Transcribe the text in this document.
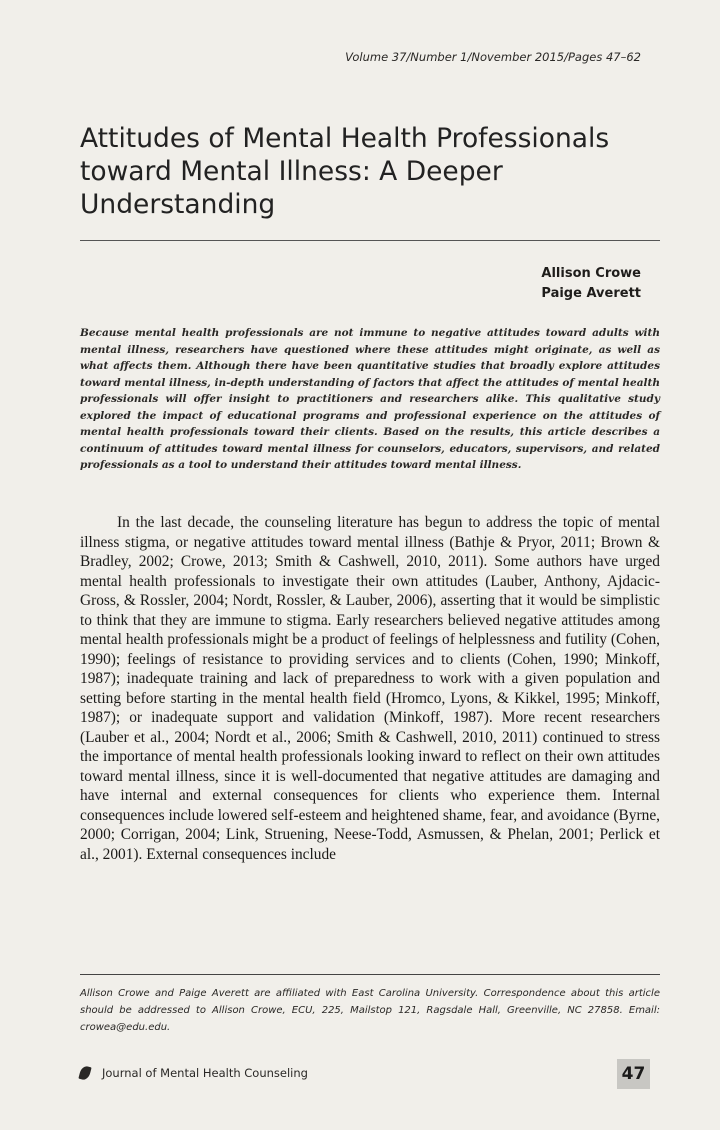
Volume 37/Number 1/November 2015/Pages 47–62
Attitudes of Mental Health Professionals toward Mental Illness: A Deeper Understanding
Allison Crowe
Paige Averett

Because mental health professionals are not immune to negative attitudes toward adults with mental illness, researchers have questioned where these attitudes might originate, as well as what affects them. Although there have been quantitative studies that broadly explore attitudes toward mental illness, in-depth understanding of factors that affect the attitudes of mental health professionals will offer insight to practitioners and researchers alike. This qualitative study explored the impact of educational programs and professional experience on the attitudes of mental health professionals toward their clients. Based on the results, this article describes a continuum of attitudes toward mental illness for counselors, educators, supervisors, and related professionals as a tool to understand their attitudes toward mental illness.

In the last decade, the counseling literature has begun to address the topic of mental illness stigma, or negative attitudes toward mental illness (Bathje & Pryor, 2011; Brown & Bradley, 2002; Crowe, 2013; Smith & Cashwell, 2010, 2011). Some authors have urged mental health professionals to investigate their own attitudes (Lauber, Anthony, Ajdacic-Gross, & Rossler, 2004; Nordt, Rossler, & Lauber, 2006), asserting that it would be simplistic to think that they are immune to stigma. Early researchers believed negative attitudes among mental health professionals might be a product of feelings of helplessness and futility (Cohen, 1990); feelings of resistance to providing services and to clients (Cohen, 1990; Minkoff, 1987); inadequate training and lack of preparedness to work with a given population and setting before starting in the mental health field (Hromco, Lyons, & Kikkel, 1995; Minkoff, 1987); or inadequate support and validation (Minkoff, 1987). More recent researchers (Lauber et al., 2004; Nordt et al., 2006; Smith & Cashwell, 2010, 2011) continued to stress the importance of mental health professionals looking inward to reflect on their own attitudes toward mental illness, since it is well-documented that negative attitudes are damaging and have internal and external consequences for clients who experience them. Internal consequences include lowered self-esteem and heightened shame, fear, and avoidance (Byrne, 2000; Corrigan, 2004; Link, Struening, Neese-Todd, Asmussen, & Phelan, 2001; Perlick et al., 2001). External consequences include

Allison Crowe and Paige Averett are affiliated with East Carolina University. Correspondence about this article should be addressed to Allison Crowe, ECU, 225, Mailstop 121, Ragsdale Hall, Greenville, NC 27858. Email: crowea@edu.edu.

Journal of Mental Health Counseling	47
